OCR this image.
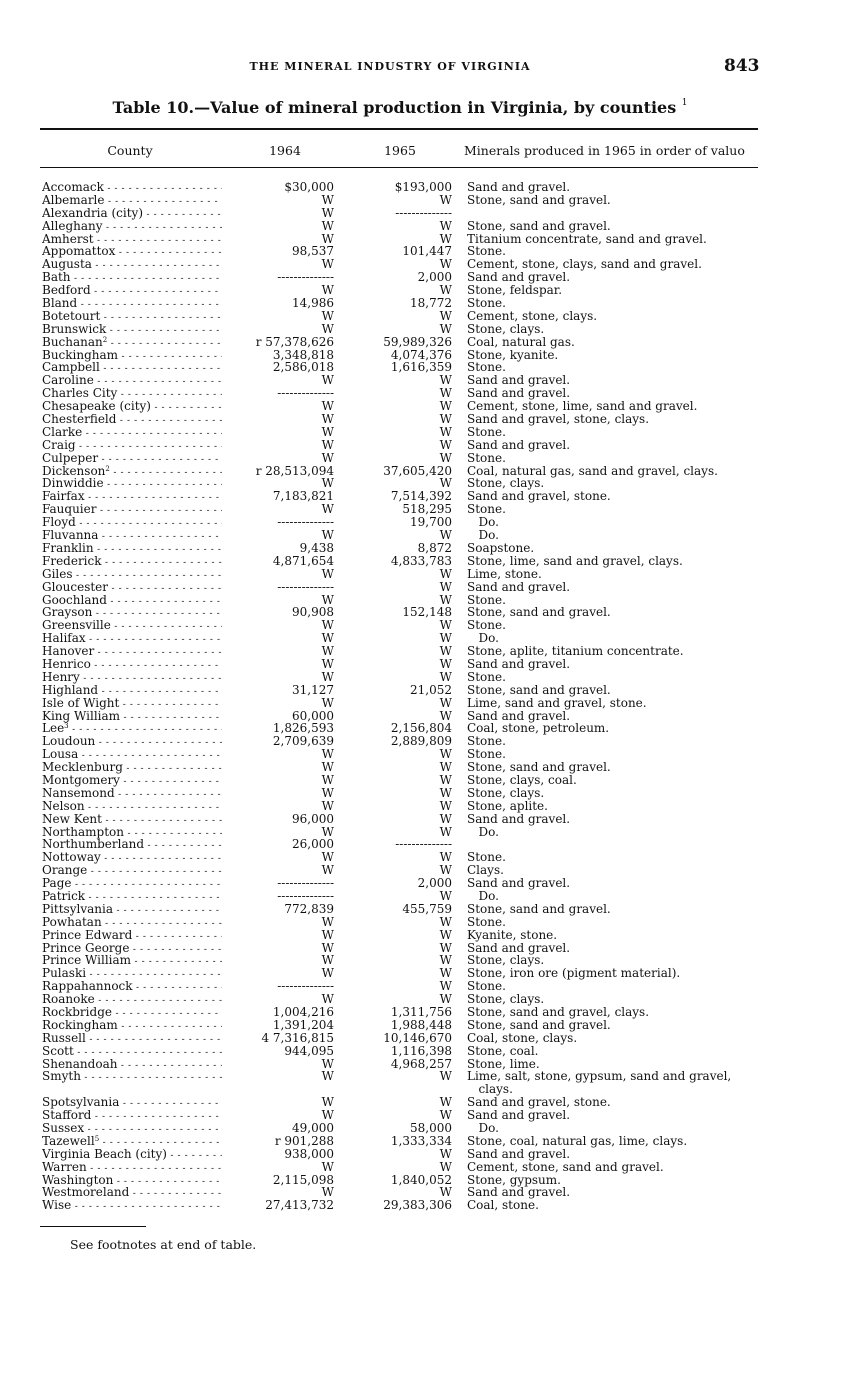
THE MINERAL INDUSTRY OF VIRGINIA	843
Table 10.—Value of mineral production in Virginia, by counties $^1$
County	1964	1965	Minerals produced in 1965 in order of valuo
Accomack - - -	$30,000	$193,000 Sand and gravel.
Albemarle - - -	W	W Stone, sand and gravel.
Alexandria (city) - - -	W	--------------
Alleghany - - -	W	W Stone, sand and gravel.
Amherst - - -	W	W Titanium concentrate, sand and gravel.
Appomattox - - -	98,537	101,447 Stone.
Augusta - - -	W	W Cement, stone, clays, sand and gravel.
Bath - - -	--------------	2,000 Sand and gravel.
Bedford - - -	W	W Stone, feldspar.
Bland - - -	14,986	18,772 Stone.
Botetourt - - -	W	W Cement, stone, clays.
Brunswick - - -	W	W Stone, clays.
Buchanan$^2$ - - -	r 57,378,626	59,989,326 Coal, natural gas.
Buckingham - - -	3,348,818	4,074,376 Stone, kyanite.
Campbell - - -	2,586,018	1,616,359 Stone.
Caroline - - -	W	W Sand and gravel.
Charles City - - -	--------------	W Sand and gravel.
Chesapeake (city) - - -	W	W Cement, stone, lime, sand and gravel.
Chesterfield - - -	W	W Sand and gravel, stone, clays.
Clarke - - -	W	W Stone.
Craig - - -	W	W Sand and gravel.
Culpeper - - -	W	W Stone.
Dickenson$^2$ - - -	r 28,513,094	37,605,420 Coal, natural gas, sand and gravel, clays.
Dinwiddie - - -	W	W Stone, clays.
Fairfax - - -	7,183,821	7,514,392 Sand and gravel, stone.
Fauquier - - -	W	518,295 Stone.
Floyd - - -	--------------	19,700 Do.
Fluvanna - - -	W	W Do.
Franklin - - -	9,438	8,872 Soapstone.
Frederick - - -	4,871,654	4,833,783 Stone, lime, sand and gravel, clays.
Giles - - -	W	W Lime, stone.
Gloucester - - -	--------------	W Sand and gravel.
Goochland - - -	W	W Stone.
Grayson - - -	90,908	152,148 Stone, sand and gravel.
Greensville - - -	W	W Stone.
Halifax - - -	W	W Do.
Hanover - - -	W	W Stone, aplite, titanium concentrate.
Henrico - - -	W	W Sand and gravel.
Henry - - -	W	W Stone.
Highland - - -	31,127	21,052 Stone, sand and gravel.
Isle of Wight - - -	W	W Lime, sand and gravel, stone.
King William - - -	60,000	W Sand and gravel.
Lee$^3$ - - -	1,826,593	2,156,804 Coal, stone, petroleum.
Loudoun - - -	2,709,639	2,889,809 Stone.
Lousa - - -	W	W Stone.
Mecklenburg - - -	W	W Stone, sand and gravel.
Montgomery - - -	W	W Stone, clays, coal.
Nansemond - - -	W	W Stone, clays.
Nelson - - -	W	W Stone, aplite.
New Kent - - -	96,000	W Sand and gravel.
Northampton - - -	W	W Do.
Northumberland - - -	26,000	--------------
Nottoway - - -	W	W Stone.
Orange - - -	W	W Clays.
Page - - -	--------------	2,000 Sand and gravel.
Patrick - - -	--------------	W Do.
Pittsylvania - - -	772,839	455,759 Stone, sand and gravel.
Powhatan - - -	W	W Stone.
Prince Edward - - -	W	W Kyanite, stone.
Prince George - - -	W	W Sand and gravel.
Prince William - - -	W	W Stone, clays.
Pulaski - - -	W	W Stone, iron ore (pigment material).
Rappahannock - - -	--------------	W Stone.
Roanoke - - -	W	W Stone, clays.
Rockbridge - - -	1,004,216	1,311,756 Stone, sand and gravel, clays.
Rockingham - - -	1,391,204	1,988,448 Stone, sand and gravel.
Russell - - -	4 7,316,815	10,146,670 Coal, stone, clays.
Scott - - -	944,095	1,116,398 Stone, coal.
Shenandoah - - -	W	4,968,257 Stone, lime.
Smyth - - -	W	W Lime, salt, stone, gypsum, sand and gravel,
clays.
Spotsylvania - - -	W	W Sand and gravel, stone.
Stafford - - -	W	W Sand and gravel.
Sussex - - -	49,000	58,000 Do.
Tazewell$^5$ - - -	r 901,288	1,333,334 Stone, coal, natural gas, lime, clays.
Virginia Beach (city) - - -	938,000	W Sand and gravel.
Warren - - -	W	W Cement, stone, sand and gravel.
Washington - - -	2,115,098	1,840,052 Stone, gypsum.
Westmoreland - - -	W	W Sand and gravel.
Wise - - -	27,413,732	29,383,306 Coal, stone.
See footnotes at end of table.
